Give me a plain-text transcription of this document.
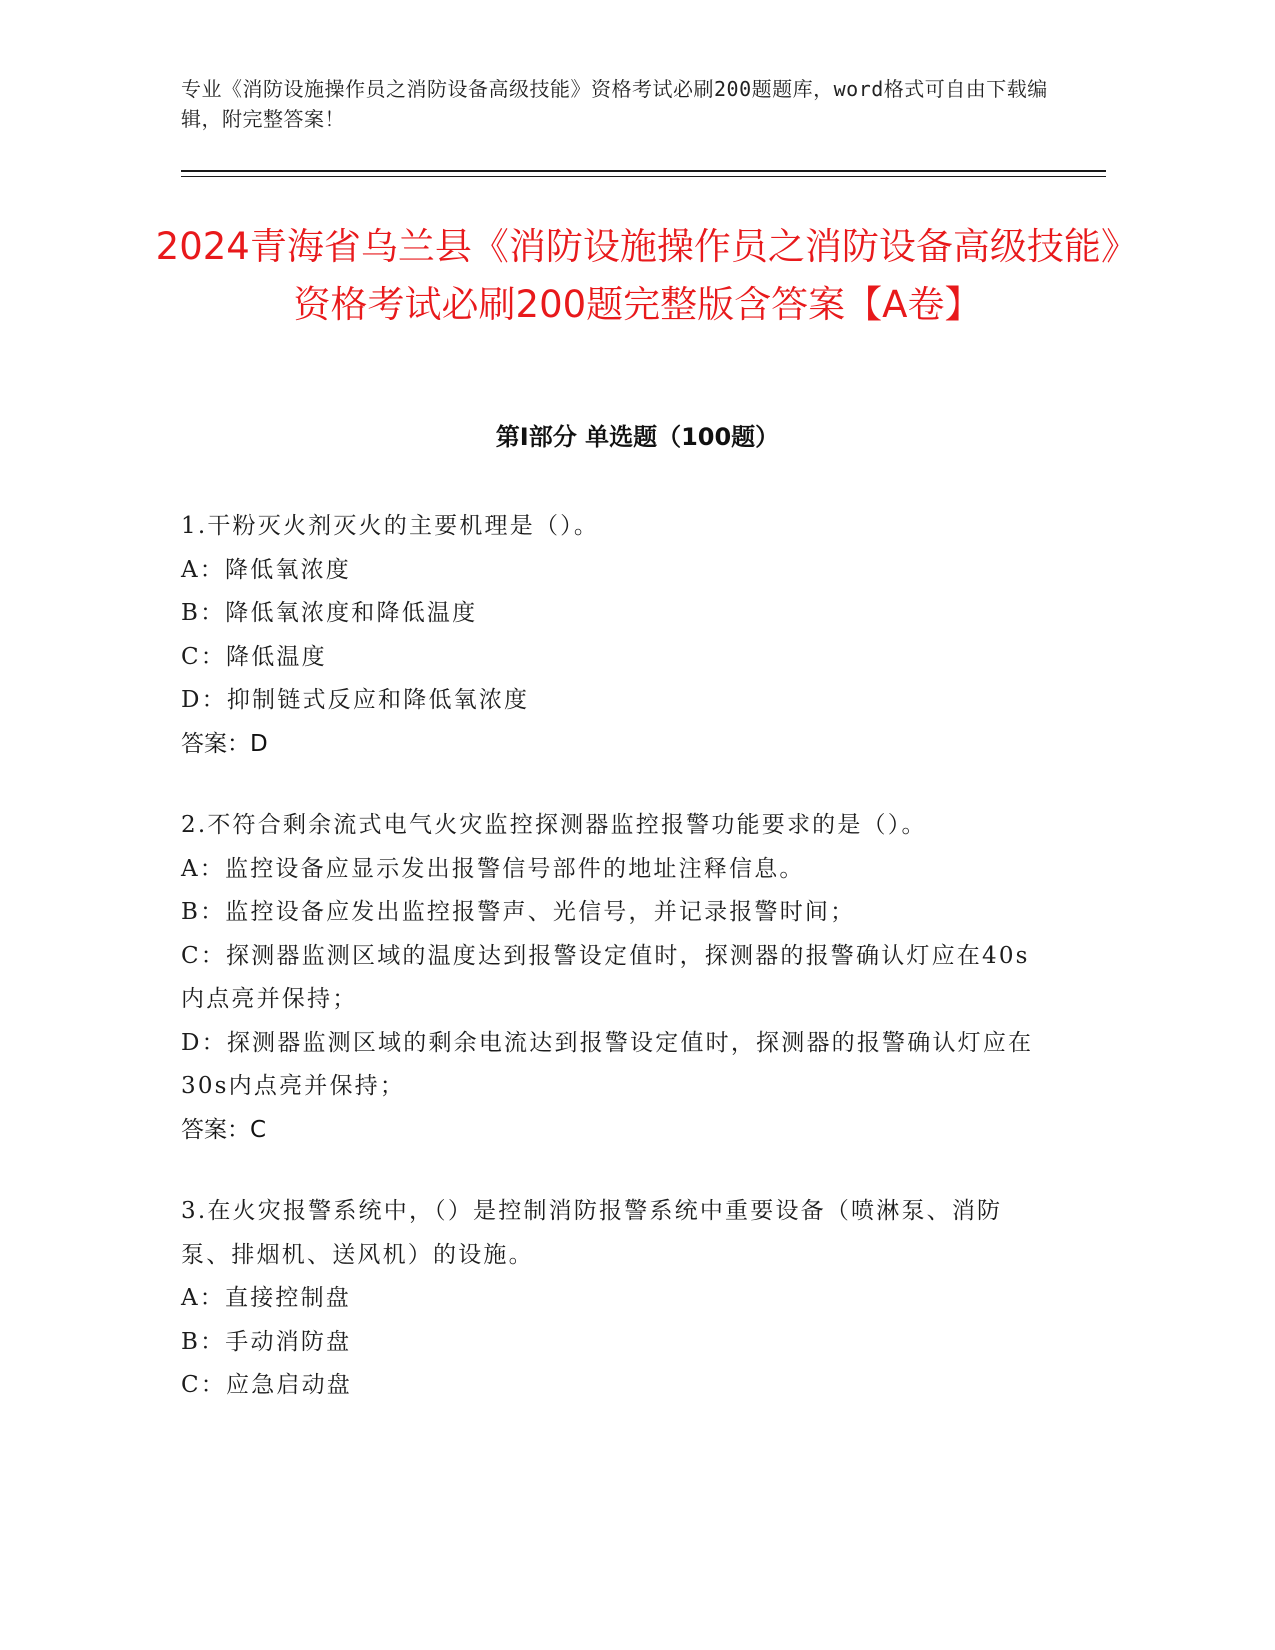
专业《消防设施操作员之消防设备高级技能》资格考试必刷200题题库，word格式可自由下载编辑，附完整答案！
2024青海省乌兰县《消防设施操作员之消防设备高级技能》资格考试必刷200题完整版含答案【A卷】
第Ⅰ部分 单选题（100题）
1.干粉灭火剂灭火的主要机理是（）。
A：降低氧浓度
B：降低氧浓度和降低温度
C：降低温度
D：抑制链式反应和降低氧浓度
答案：D
2.不符合剩余流式电气火灾监控探测器监控报警功能要求的是（）。
A：监控设备应显示发出报警信号部件的地址注释信息。
B：监控设备应发出监控报警声、光信号，并记录报警时间；
C：探测器监测区域的温度达到报警设定值时，探测器的报警确认灯应在40s内点亮并保持；
D：探测器监测区域的剩余电流达到报警设定值时，探测器的报警确认灯应在30s内点亮并保持；
答案：C
3.在火灾报警系统中，（）是控制消防报警系统中重要设备（喷淋泵、消防泵、排烟机、送风机）的设施。
A：直接控制盘
B：手动消防盘
C：应急启动盘
